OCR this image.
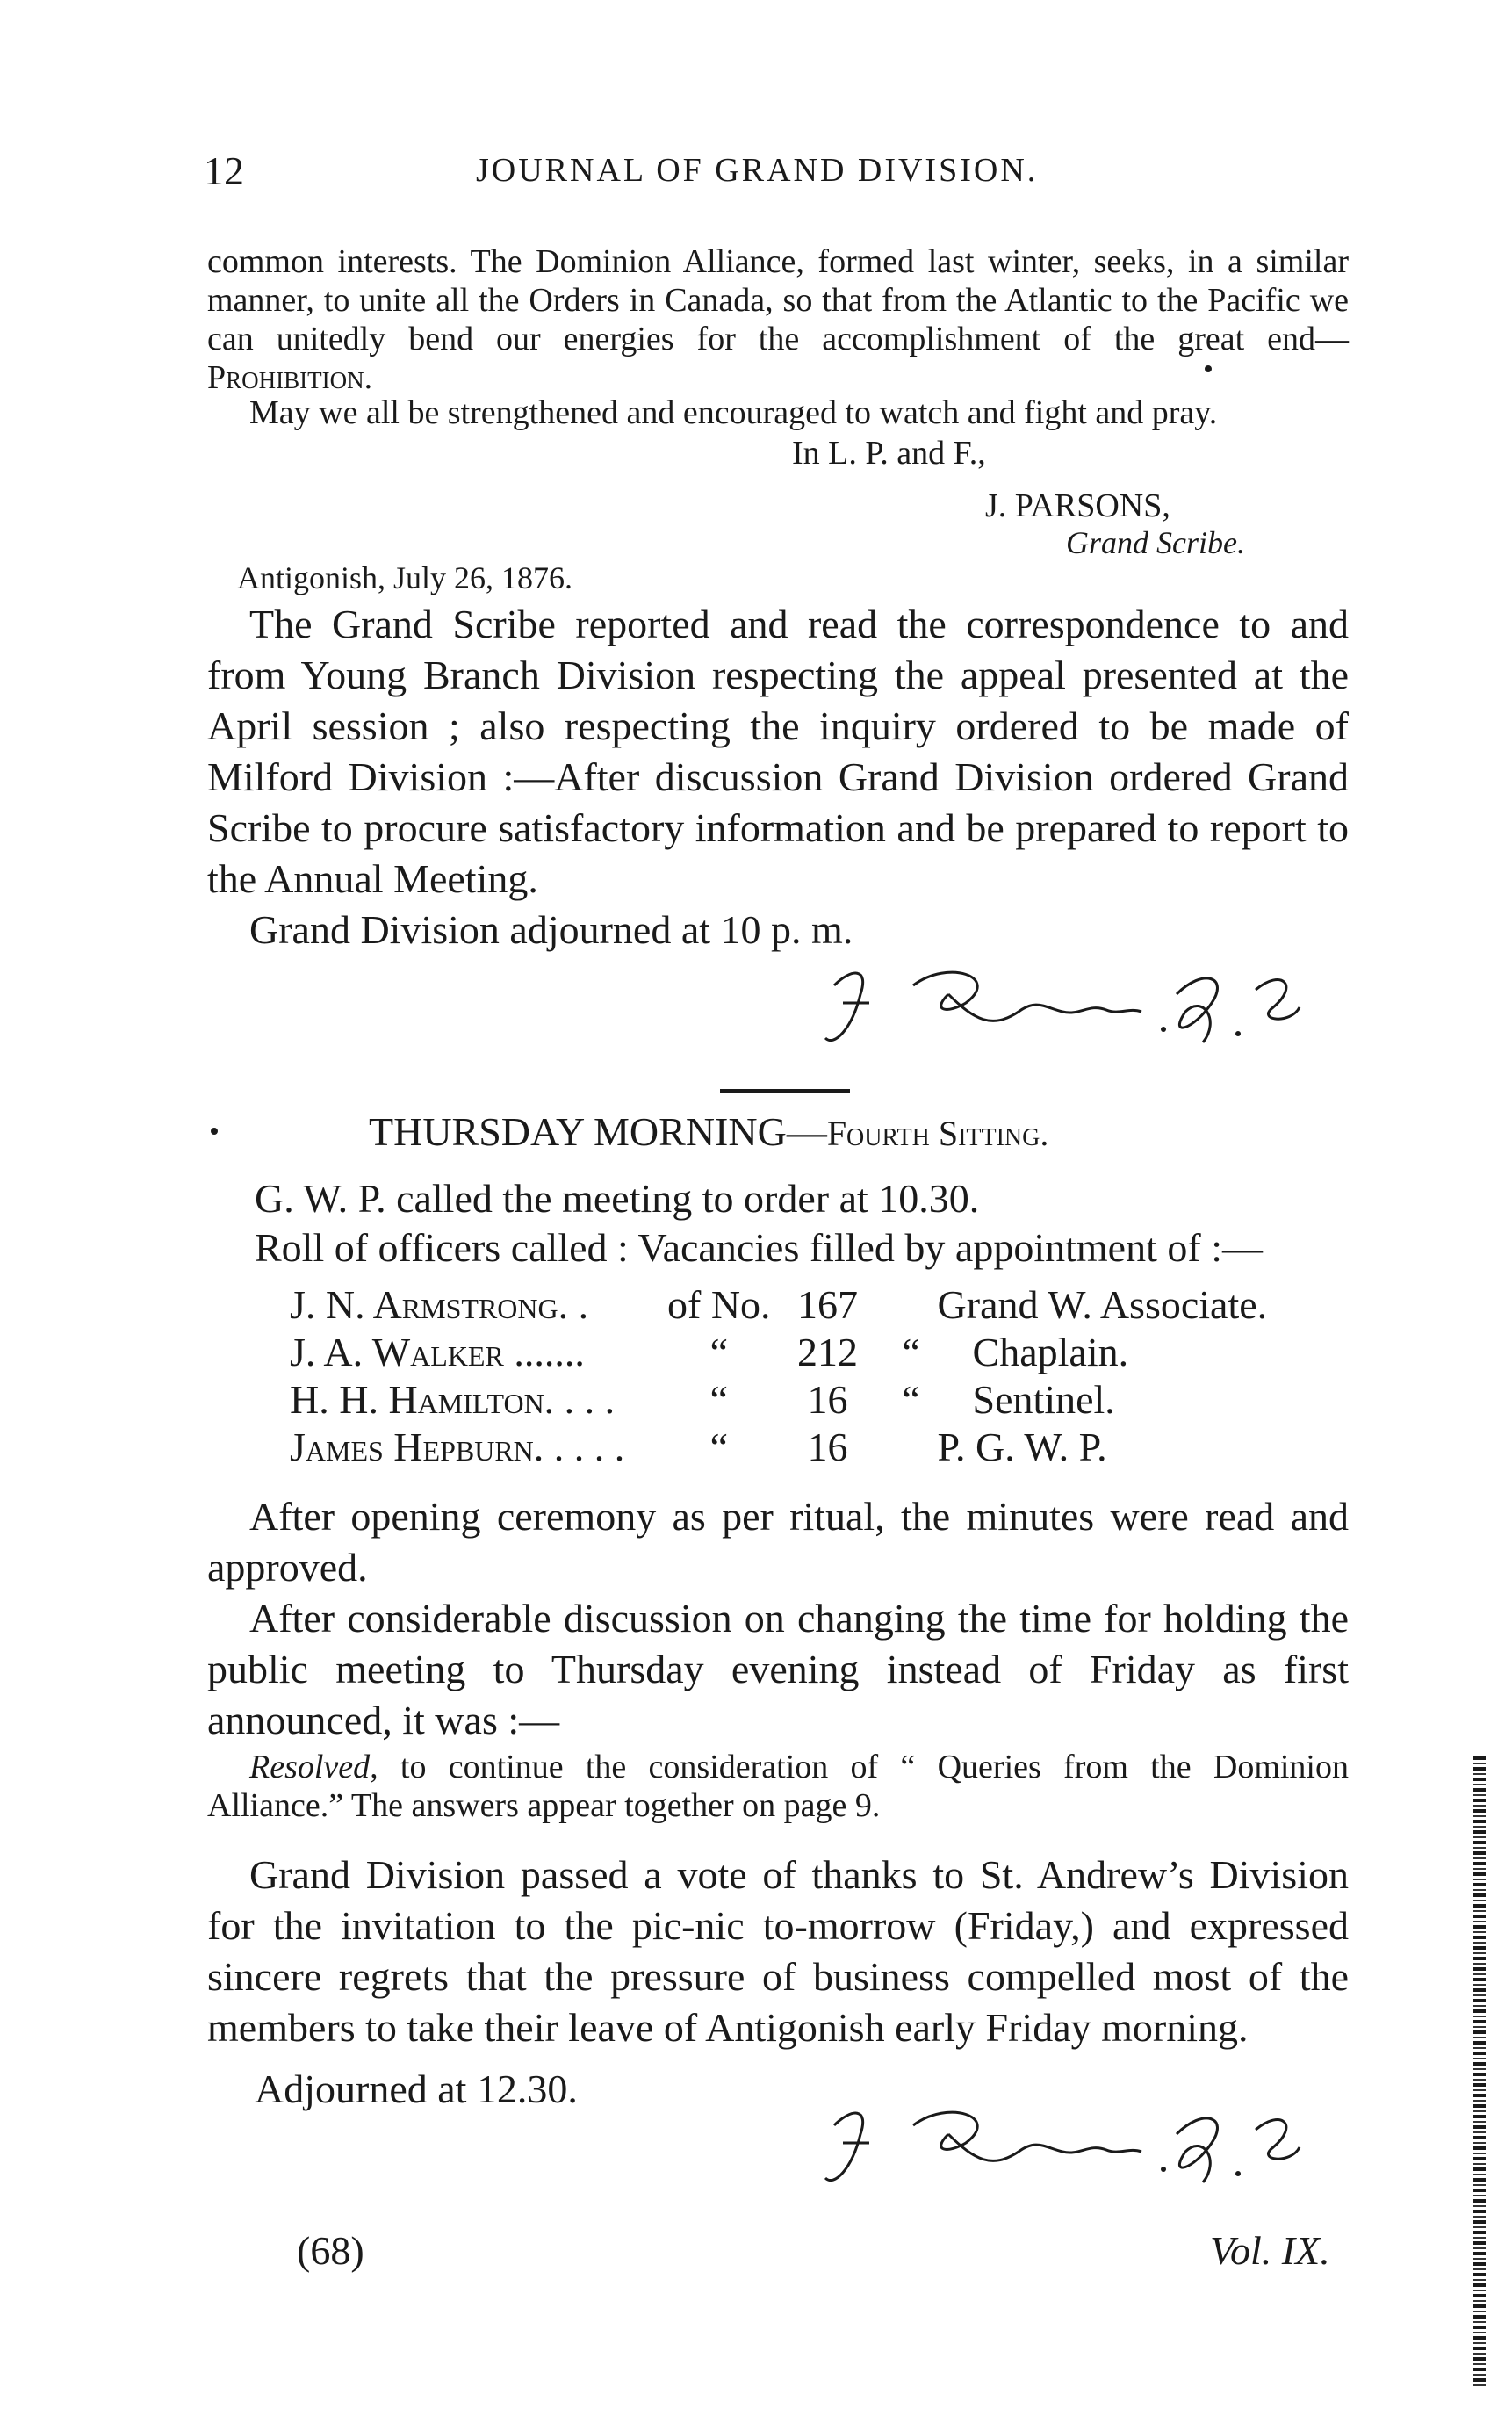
12	JOURNAL OF GRAND DIVISION.
common interests. The Dominion Alliance, formed last winter, seeks, in a similar manner, to unite all the Orders in Canada, so that from the Atlantic to the Pacific we can unitedly bend our energies for the accomplishment of the great end—Prohibition.
May we all be strengthened and encouraged to watch and fight and pray.
In L. P. and F.,
J. PARSONS,
Grand Scribe.
Antigonish, July 26, 1876.
The Grand Scribe reported and read the correspondence to and from Young Branch Division respecting the appeal presented at the April session ; also respecting the inquiry ordered to be made of Milford Division :—After discussion Grand Division ordered Grand Scribe to procure satisfactory information and be prepared to report to the Annual Meeting.
Grand Division adjourned at 10 p. m.
THURSDAY MORNING—Fourth Sitting.
G. W. P. called the meeting to order at 10.30.
Roll of officers called : Vacancies filled by appointment of :—
J. N. Armstrong. .	of No.	167		Grand W. Associate.
J. A. Walker .......	“	212	“	Chaplain.
H. H. Hamilton. . . .	“	16	“	Sentinel.
James Hepburn. . . . .	“	16		P. G. W. P.
After opening ceremony as per ritual, the minutes were read and approved.
After considerable discussion on changing the time for holding the public meeting to Thursday evening instead of Friday as first announced, it was :—
Resolved, to continue the consideration of “ Queries from the Dominion Alliance.” The answers appear together on page 9.
Grand Division passed a vote of thanks to St. Andrew’s Division for the invitation to the pic-nic to-morrow (Friday,) and expressed sincere regrets that the pressure of business compelled most of the members to take their leave of Antigonish early Friday morning.
Adjourned at 12.30.
(68)	Vol. IX.
